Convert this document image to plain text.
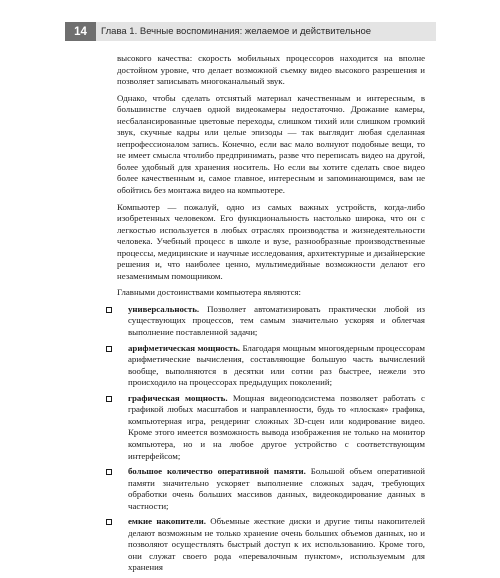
14	Глава 1. Вечные воспоминания: желаемое и действительное

высокого качества: скорость мобильных процессоров находится на вполне достойном уровне, что делает возможной съемку видео высокого разрешения и позволяет записывать многоканальный звук.

Однако, чтобы сделать отснятый материал качественным и интересным, в большинстве случаев одной видеокамеры недостаточно. Дрожание камеры, несбалансированные цветовые переходы, слишком тихий или слишком громкий звук, скучные кадры или целые эпизоды — так выглядит любая сделанная непрофессионалом запись. Конечно, если вас мало волнуют подобные вещи, то не имеет смысла чтолибо предпринимать, разве что переписать видео на другой, более удобный для хранения носитель. Но если вы хотите сделать свое видео более качественным и, самое главное, интересным и запоминающимся, вам не обойтись без монтажа видео на компьютере.

Компьютер — пожалуй, одно из самых важных устройств, когда-либо изобретенных человеком. Его функциональность настолько широка, что он с легкостью используется в любых отраслях производства и жизнедеятельности человека. Учебный процесс в школе и вузе, разнообразные производственные процессы, медицинские и научные исследования, архитектурные и дизайнерские решения и, что наиболее ценно, мультимедийные возможности делают его незаменимым помощником.

Главными достоинствами компьютера являются:

универсальность. Позволяет автоматизировать практически любой из существующих процессов, тем самым значительно ускоряя и облегчая выполнение поставленной задачи;
арифметическая мощность. Благодаря мощным многоядерным процессорам арифметические вычисления, составляющие большую часть вычислений вообще, выполняются в десятки или сотни раз быстрее, нежели это происходило на процессорах предыдущих поколений;
графическая мощность. Мощная видеоподсистема позволяет работать с графикой любых масштабов и направленности, будь то «плоская» графика, компьютерная игра, рендеринг сложных 3D-сцен или кодирование видео. Кроме этого имеется возможность вывода изображения не только на монитор компьютера, но и на любое другое устройство с соответствующим интерфейсом;
большое количество оперативной памяти. Большой объем оперативной памяти значительно ускоряет выполнение сложных задач, требующих обработки очень больших массивов данных, видеокодирование данных в частности;
емкие накопители. Объемные жесткие диски и другие типы накопителей делают возможным не только хранение очень больших объемов данных, но и позволяют осуществлять быстрый доступ к их использованию. Кроме того, они служат своего рода «перевалочным пунктом», используемым для хранения
